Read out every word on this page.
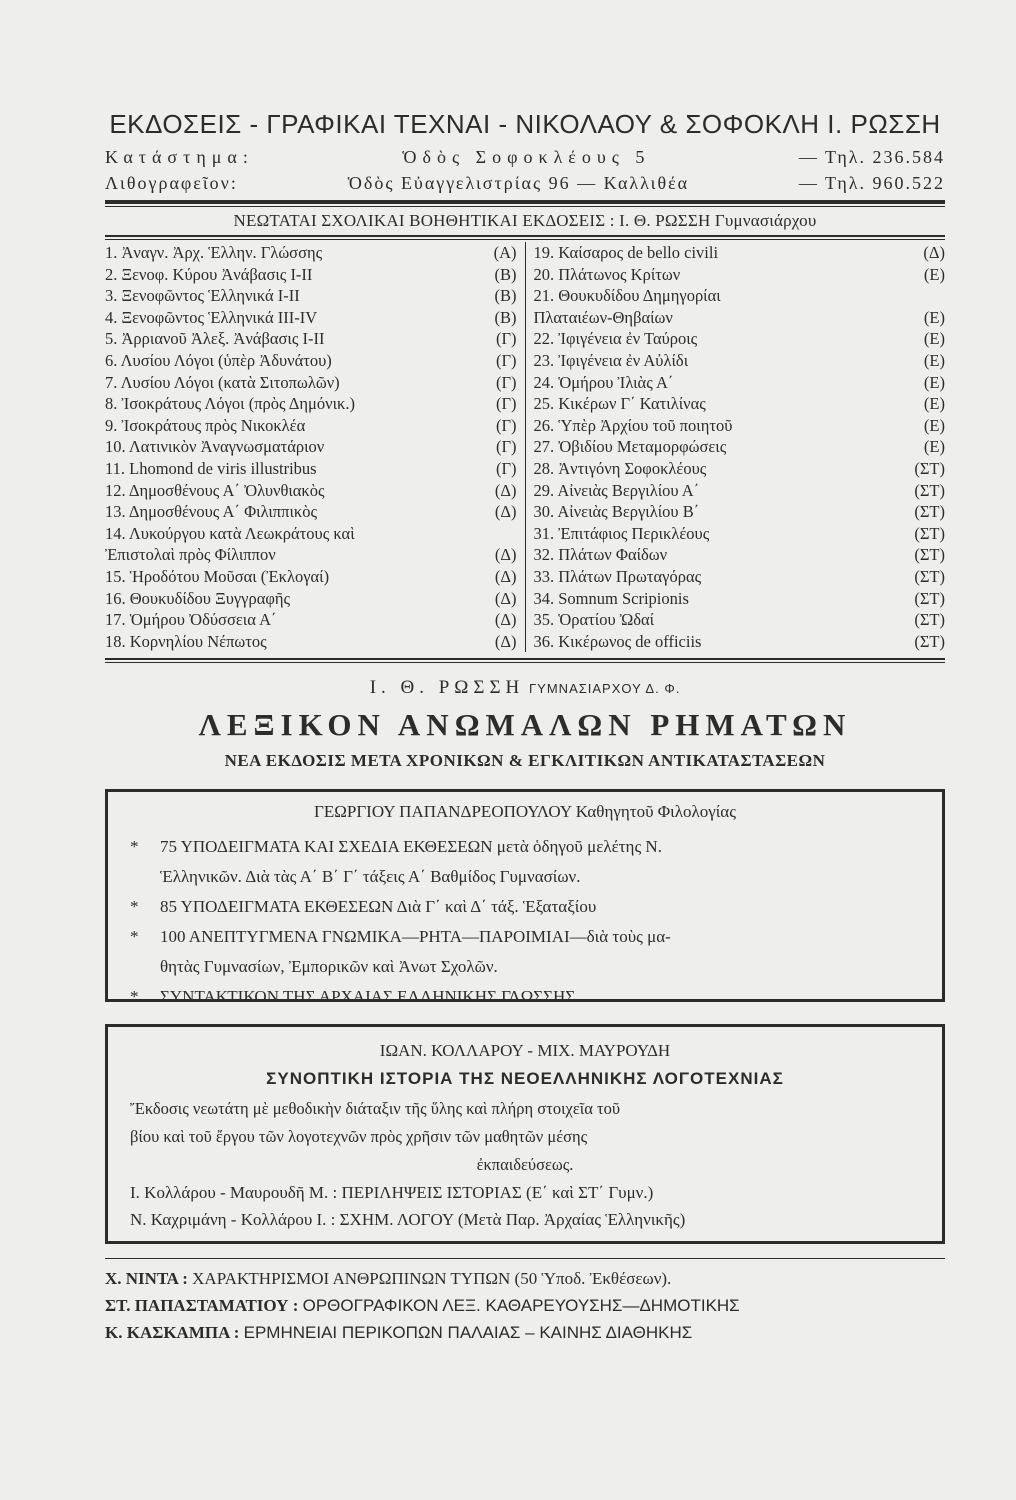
ΕΚΔΟΣΕΙΣ - ΓΡΑΦΙΚΑΙ ΤΕΧΝΑΙ - ΝΙΚΟΛΑΟΥ & ΣΟΦΟΚΛΗ Ι. ΡΩΣΣΗ
Κατάστημα:	Ὁδὸς Σοφοκλέους 5	— Τηλ. 236.584
Λιθογραφεῖον:	Ὁδὸς Εὐαγγελιστρίας 96 — Καλλιθέα	— Τηλ. 960.522
ΝΕΩΤΑΤΑΙ ΣΧΟΛΙΚΑΙ ΒΟΗΘΗΤΙΚΑΙ ΕΚΔΟΣΕΙΣ : Ι. Θ. ΡΩΣΣΗ Γυμνασιάρχου
1. Ἀναγν. Ἀρχ. Ἑλλην. Γλώσσης	(Α)
2. Ξενοφ. Κύρου Ἀνάβασις I-II	(Β)
3. Ξενοφῶντος Ἑλληνικά I-II	(Β)
4. Ξενοφῶντος Ἑλληνικά III-IV	(Β)
5. Ἀρριανοῦ Ἀλεξ. Ἀνάβασις I-II	(Γ)
6. Λυσίου Λόγοι (ὑπὲρ Ἀδυνάτου)	(Γ)
7. Λυσίου Λόγοι (κατὰ Σιτοπωλῶν)	(Γ)
8. Ἰσοκράτους Λόγοι (πρὸς Δημόνικ.)	(Γ)
9. Ἰσοκράτους πρὸς Νικοκλέα	(Γ)
10. Λατινικὸν Ἀναγνωσματάριον	(Γ)
11. Lhomond de viris illustribus	(Γ)
12. Δημοσθένους Α΄ Ὀλυνθιακὸς	(Δ)
13. Δημοσθένους Α΄ Φιλιππικὸς	(Δ)
14. Λυκούργου κατὰ Λεωκράτους καὶ
Ἐπιστολαὶ πρὸς Φίλιππον	(Δ)
15. Ἡροδότου Μοῦσαι (Ἐκλογαί)	(Δ)
16. Θουκυδίδου Ξυγγραφῆς	(Δ)
17. Ὁμήρου Ὀδύσσεια Α΄	(Δ)
18. Κορνηλίου Νέπωτος	(Δ)
19. Καίσαρος de bello civili	(Δ)
20. Πλάτωνος Κρίτων	(Ε)
21. Θουκυδίδου Δημηγορίαι
Πλαταιέων-Θηβαίων	(Ε)
22. Ἰφιγένεια ἐν Ταύροις	(Ε)
23. Ἰφιγένεια ἐν Αὐλίδι	(Ε)
24. Ὁμήρου Ἰλιὰς Α΄	(Ε)
25. Κικέρων Γ΄ Κατιλίνας	(Ε)
26. Ὑπὲρ Ἀρχίου τοῦ ποιητοῦ	(Ε)
27. Ὀβιδίου Μεταμορφώσεις	(Ε)
28. Ἀντιγόνη Σοφοκλέους	(ΣΤ)
29. Αἰνειὰς Βεργιλίου Α΄	(ΣΤ)
30. Αἰνειὰς Βεργιλίου Β΄	(ΣΤ)
31. Ἐπιτάφιος Περικλέους	(ΣΤ)
32. Πλάτων Φαίδων	(ΣΤ)
33. Πλάτων Πρωταγόρας	(ΣΤ)
34. Somnum Scripionis	(ΣΤ)
35. Ὁρατίου Ὠδαί	(ΣΤ)
36. Κικέρωνος de officiis	(ΣΤ)
Ι. Θ. ΡΩΣΣΗ ΓΥΜΝΑΣΙΑΡΧΟΥ Δ. Φ.
ΛΕΞΙΚΟΝ ΑΝΩΜΑΛΩΝ ΡΗΜΑΤΩΝ
ΝΕΑ ΕΚΔΟΣΙΣ ΜΕΤΑ ΧΡΟΝΙΚΩΝ & ΕΓΚΛΙΤΙΚΩΝ ΑΝΤΙΚΑΤΑΣΤΑΣΕΩΝ
ΓΕΩΡΓΙΟΥ ΠΑΠΑΝΔΡΕΟΠΟΥΛΟΥ Καθηγητοῦ Φιλολογίας
*	75 ΥΠΟΔΕΙΓΜΑΤΑ ΚΑΙ ΣΧΕΔΙΑ ΕΚΘΕΣΕΩΝ μετὰ ὁδηγοῦ μελέτης Ν.
Ἑλληνικῶν. Διὰ τὰς Α΄ Β΄ Γ΄ τάξεις Α΄ Βαθμίδος Γυμνασίων.
*	85 ΥΠΟΔΕΙΓΜΑΤΑ ΕΚΘΕΣΕΩΝ Διὰ Γ΄ καὶ Δ΄ τάξ. Ἑξαταξίου
*	100 ΑΝΕΠΤΥΓΜΕΝΑ ΓΝΩΜΙΚΑ—ΡΗΤΑ—ΠΑΡΟΙΜΙΑΙ—διὰ τοὺς μα-
θητὰς Γυμνασίων, Ἐμπορικῶν καὶ Ἀνωτ Σχολῶν.
*	ΣΥΝΤΑΚΤΙΚΟΝ ΤΗΣ ΑΡΧΑΙΑΣ ΕΛΛΗΝΙΚΗΣ ΓΛΩΣΣΗΣ
ΙΩΑΝ. ΚΟΛΛΑΡΟΥ - ΜΙΧ. ΜΑΥΡΟΥΔΗ
ΣΥΝΟΠΤΙΚΗ ΙΣΤΟΡΙΑ ΤΗΣ ΝΕΟΕΛΛΗΝΙΚΗΣ ΛΟΓΟΤΕΧΝΙΑΣ
Ἔκδοσις νεωτάτη μὲ μεθοδικὴν διάταξιν τῆς ὕλης καὶ πλήρη στοιχεῖα τοῦ
βίου καὶ τοῦ ἔργου τῶν λογοτεχνῶν πρὸς χρῆσιν τῶν μαθητῶν μέσης
ἐκπαιδεύσεως.
Ι. Κολλάρου - Μαυρουδῆ Μ. : ΠΕΡΙΛΗΨΕΙΣ ΙΣΤΟΡΙΑΣ (Ε΄ καὶ ΣΤ΄ Γυμν.)
Ν. Καχριμάνη - Κολλάρου Ι. : ΣΧΗΜ. ΛΟΓΟΥ (Μετὰ Παρ. Ἀρχαίας Ἑλληνικῆς)
Χ. ΝΙΝΤΑ : ΧΑΡΑΚΤΗΡΙΣΜΟΙ ΑΝΘΡΩΠΙΝΩΝ ΤΥΠΩΝ (50 Ὑποδ. Ἐκθέσεων).
ΣΤ. ΠΑΠΑΣΤΑΜΑΤΙΟΥ : ΟΡΘΟΓΡΑΦΙΚΟΝ ΛΕΞ. ΚΑΘΑΡΕΥΟΥΣΗΣ—ΔΗΜΟΤΙΚΗΣ
Κ. ΚΑΣΚΑΜΠΑ : ΕΡΜΗΝΕΙΑΙ ΠΕΡΙΚΟΠΩΝ ΠΑΛΑΙΑΣ – ΚΑΙΝΗΣ ΔΙΑΘΗΚΗΣ
